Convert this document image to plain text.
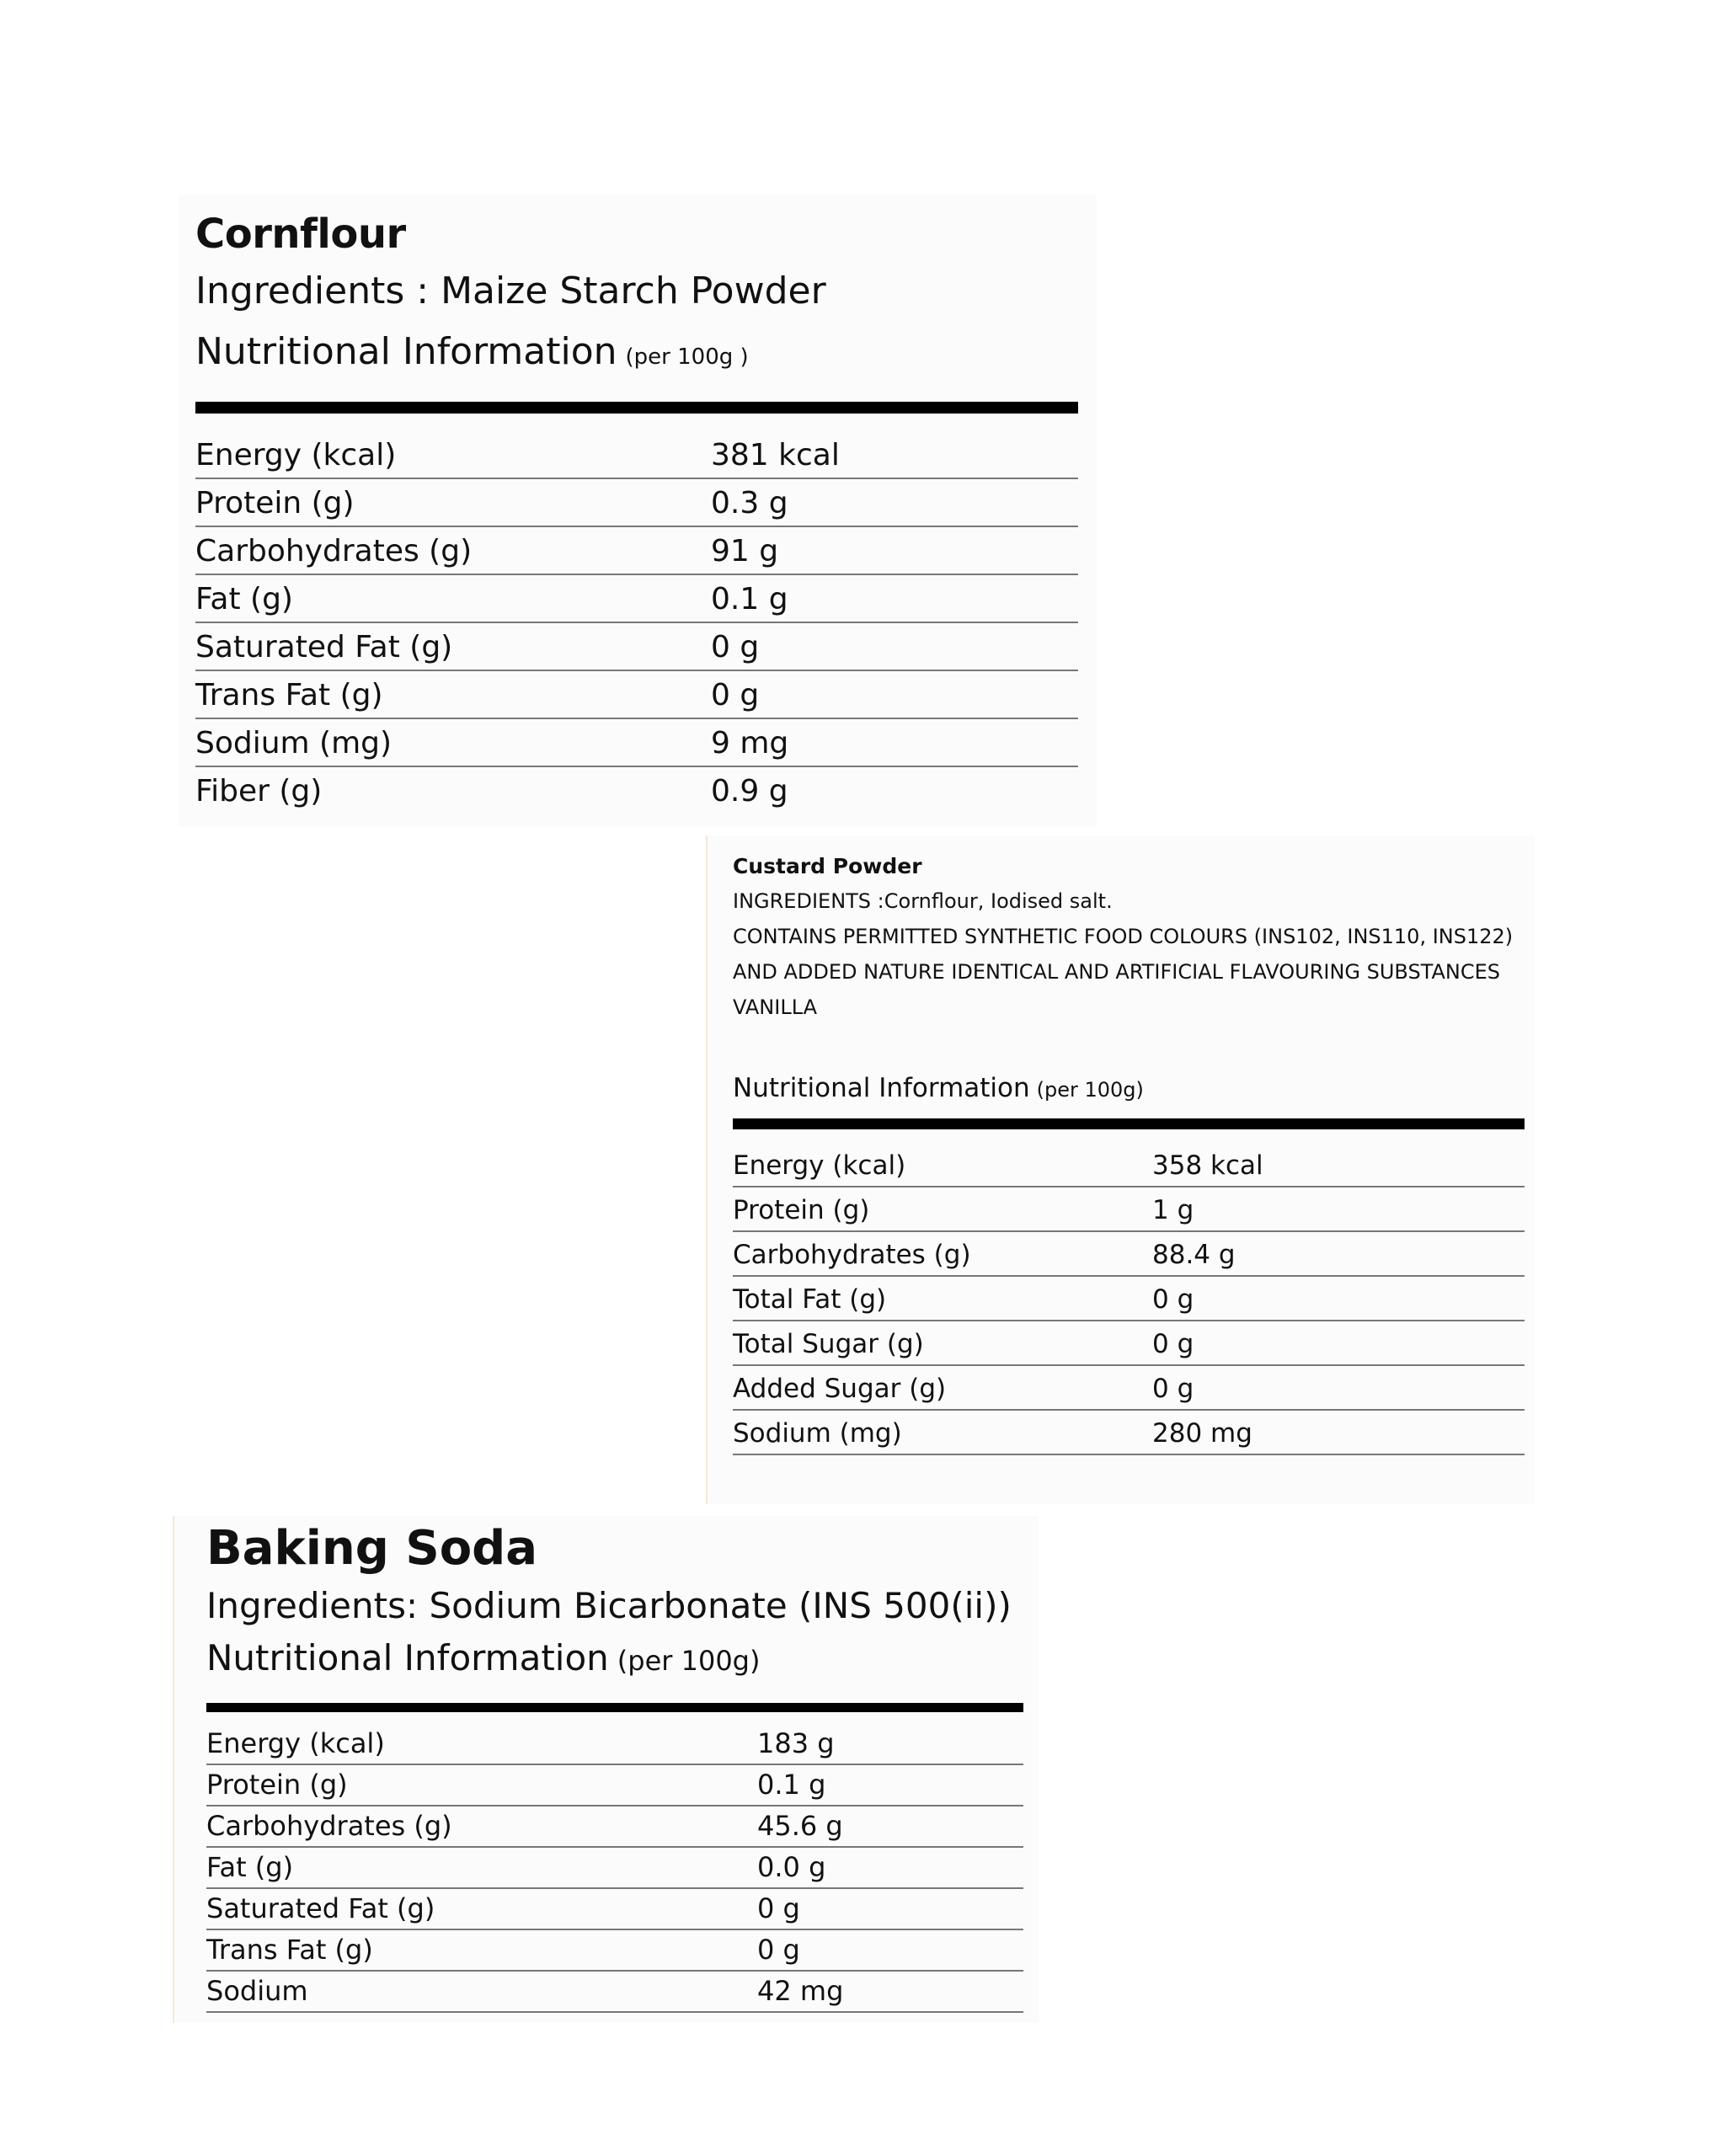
Cornflour
Ingredients : Maize Starch Powder
Nutritional Information (per 100g )
Energy (kcal)	381 kcal
Protein (g)	0.3 g
Carbohydrates (g)	91 g
Fat (g)	0.1 g
Saturated Fat (g)	0 g
Trans Fat (g)	0 g
Sodium (mg)	9 mg
Fiber (g)	0.9 g
Custard Powder
INGREDIENTS :Cornflour, Iodised salt.
CONTAINS PERMITTED SYNTHETIC FOOD COLOURS (INS102, INS110, INS122)
AND ADDED NATURE IDENTICAL AND ARTIFICIAL FLAVOURING SUBSTANCES
VANILLA
Nutritional Information (per 100g)
Energy (kcal)	358 kcal
Protein (g)	1 g
Carbohydrates (g)	88.4 g
Total Fat (g)	0 g
Total Sugar (g)	0 g
Added Sugar (g)	0 g
Sodium (mg)	280 mg
Baking Soda
Ingredients: Sodium Bicarbonate (INS 500(ii))
Nutritional Information (per 100g)
Energy (kcal)	183 g
Protein (g)	0.1 g
Carbohydrates (g)	45.6 g
Fat (g)	0.0 g
Saturated Fat (g)	0 g
Trans Fat (g)	0 g
Sodium	42 mg
